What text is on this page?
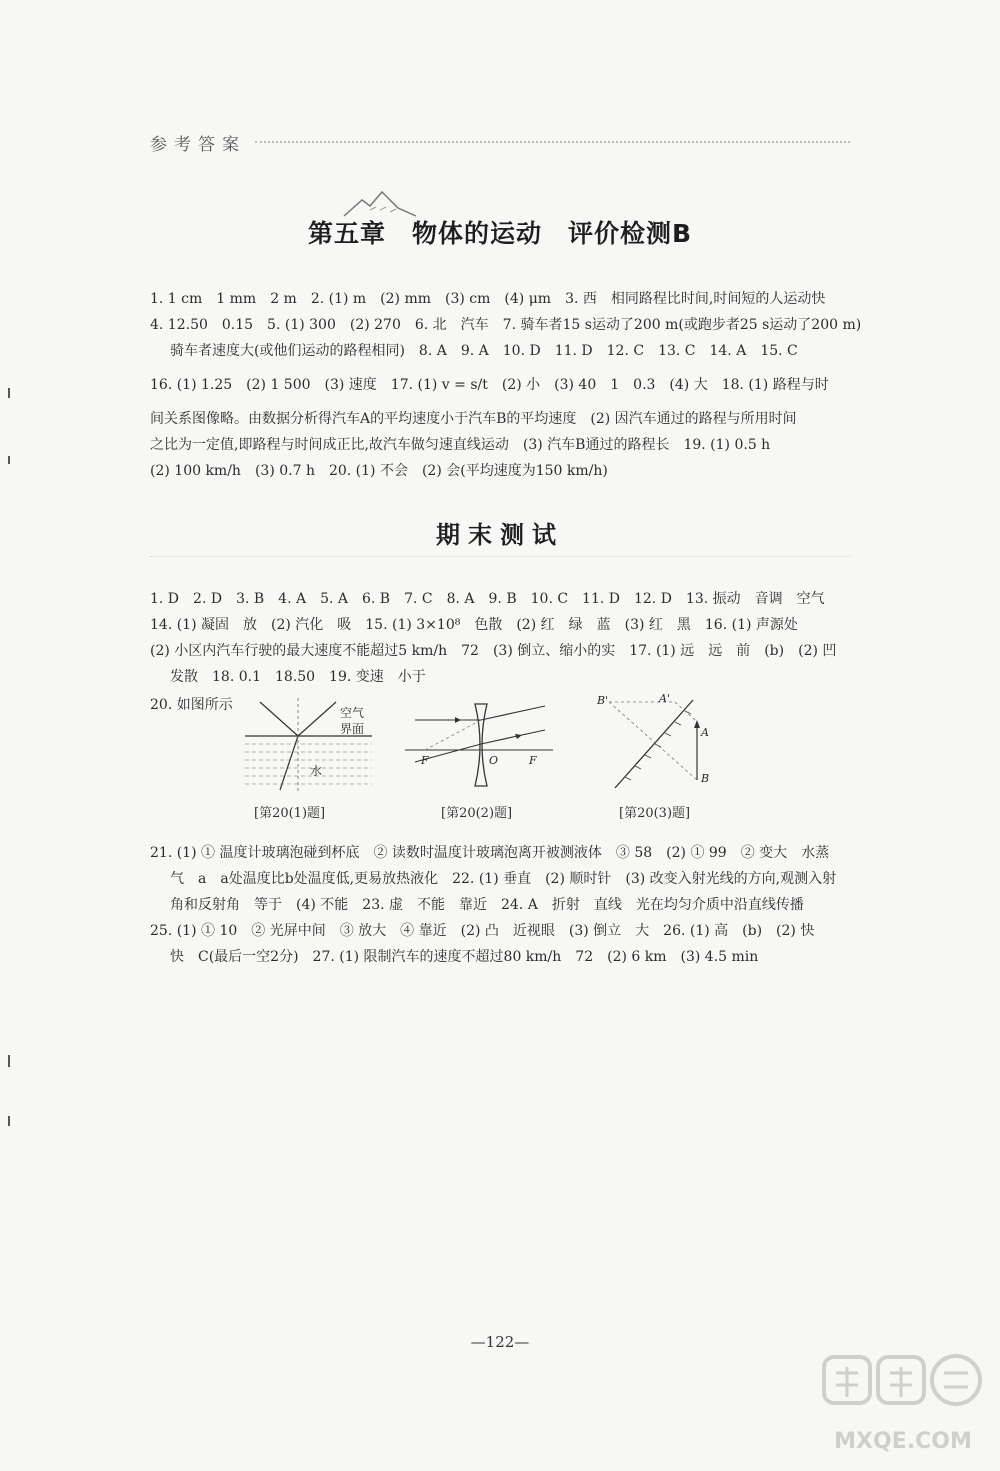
参考答案
第五章　物体的运动　评价检测B
1. 1 cm　1 mm　2 m　2. (1) m　(2) mm　(3) cm　(4) μm　3. 西　相同路程比时间,时间短的人运动快
4. 12.50　0.15　5. (1) 300　(2) 270　6. 北　汽车　7. 骑车者15 s运动了200 m(或跑步者25 s运动了200 m)
骑车者速度大(或他们运动的路程相同)　8. A　9. A　10. D　11. D　12. C　13. C　14. A　15. C
16. (1) 1.25　(2) 1 500　(3) 速度　17. (1) v = s/t　(2) 小　(3) 40　1　0.3　(4) 大　18. (1) 路程与时
间关系图像略。由数据分析得汽车A的平均速度小于汽车B的平均速度　(2) 因汽车通过的路程与所用时间
之比为一定值,即路程与时间成正比,故汽车做匀速直线运动　(3) 汽车B通过的路程长　19. (1) 0.5 h
(2) 100 km/h　(3) 0.7 h　20. (1) 不会　(2) 会(平均速度为150 km/h)
期末测试
1. D　2. D　3. B　4. A　5. A　6. B　7. C　8. A　9. B　10. C　11. D　12. D　13. 振动　音调　空气
14. (1) 凝固　放　(2) 汽化　吸　15. (1) 3×10⁸　色散　(2) 红　绿　蓝　(3) 红　黑　16. (1) 声源处
(2) 小区内汽车行驶的最大速度不能超过5 km/h　72　(3) 倒立、缩小的实　17. (1) 远　远　前　(b)　(2) 凹
发散　18. 0.1　18.50　19. 变速　小于
20. 如图所示	空气
界面
水
[第20(1)题]
F	O	F
[第20(2)题]
B'	A'
A
B
[第20(3)题]
21. (1) ① 温度计玻璃泡碰到杯底　② 读数时温度计玻璃泡离开被测液体　③ 58　(2) ① 99　② 变大　水蒸
气　a　a处温度比b处温度低,更易放热液化　22. (1) 垂直　(2) 顺时针　(3) 改变入射光线的方向,观测入射
角和反射角　等于　(4) 不能　23. 虚　不能　靠近　24. A　折射　直线　光在均匀介质中沿直线传播
25. (1) ① 10　② 光屏中间　③ 放大　④ 靠近　(2) 凸　近视眼　(3) 倒立　大　26. (1) 高　(b)　(2) 快
快　C(最后一空2分)　27. (1) 限制汽车的速度不超过80 km/h　72　(2) 6 km　(3) 4.5 min
—122—
MXQE.COM
